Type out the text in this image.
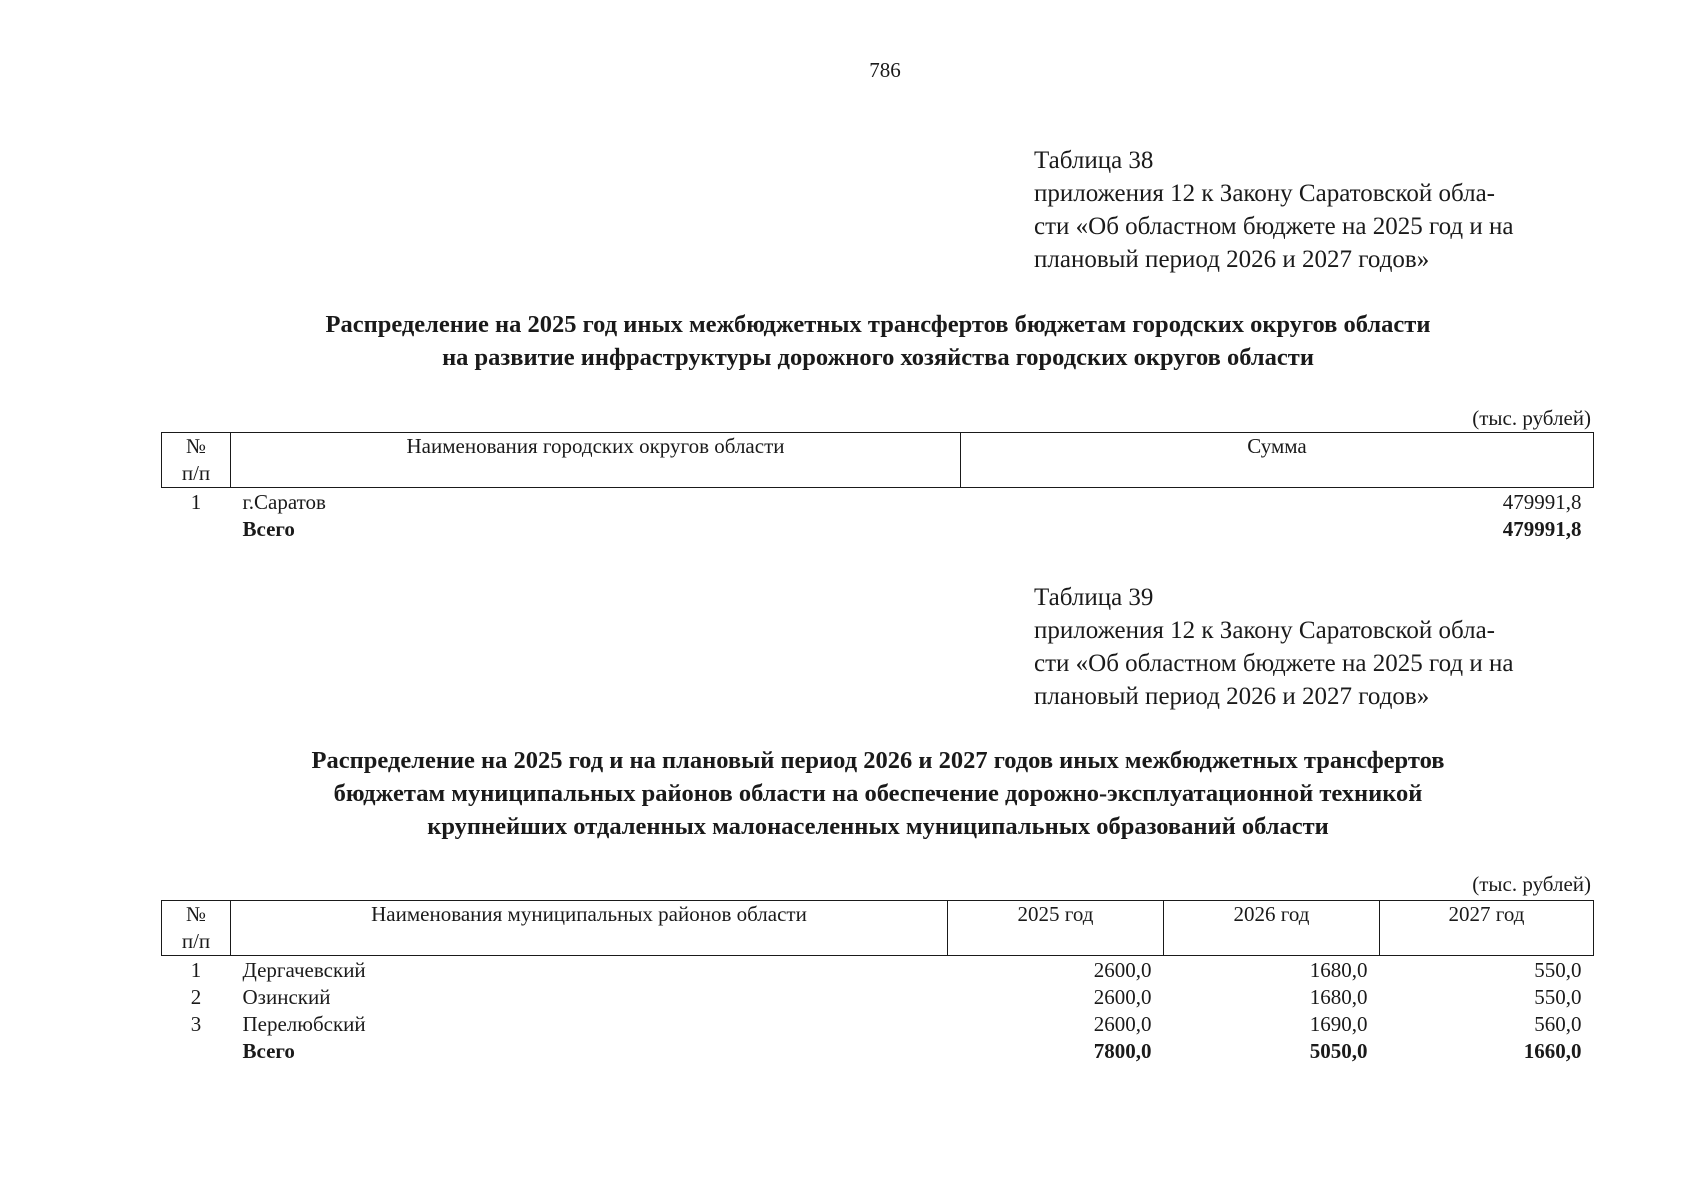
786
Таблица 38
приложения 12 к Закону Саратовской обла-
сти «Об областном бюджете на 2025 год и на
плановый период 2026 и 2027 годов»
Распределение на 2025 год иных межбюджетных трансфертов бюджетам городских округов области
на развитие инфраструктуры дорожного хозяйства городских округов области
(тыс. рублей)
№
п/п	Наименования городских округов области	Сумма
1	г.Саратов	479991,8
	Всего	479991,8
Таблица 39
приложения 12 к Закону Саратовской обла-
сти «Об областном бюджете на 2025 год и на
плановый период 2026 и 2027 годов»
Распределение на 2025 год и на плановый период 2026 и 2027 годов иных межбюджетных трансфертов
бюджетам муниципальных районов области на обеспечение дорожно-эксплуатационной техникой
крупнейших отдаленных малонаселенных муниципальных образований области
(тыс. рублей)
№
п/п	Наименования муниципальных районов области	2025 год	2026 год	2027 год
1	Дергачевский	2600,0	1680,0	550,0
2	Озинский	2600,0	1680,0	550,0
3	Перелюбский	2600,0	1690,0	560,0
	Всего	7800,0	5050,0	1660,0
